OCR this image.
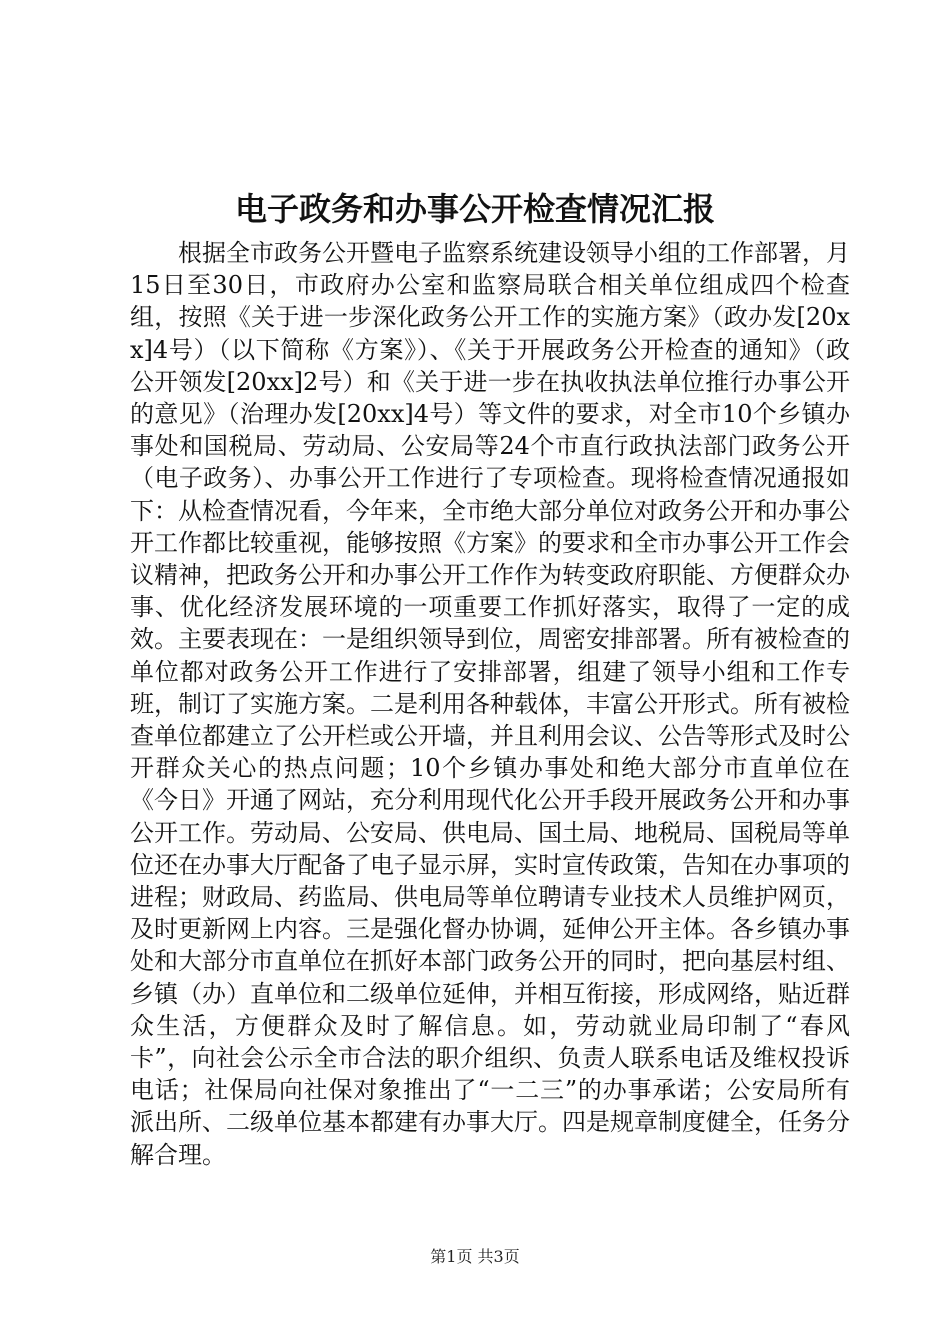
电子政务和办事公开检查情况汇报

根据全市政务公开暨电子监察系统建设领导小组的工作部署，月15日至30日，市政府办公室和监察局联合相关单位组成四个检查组，按照《关于进一步深化政务公开工作的实施方案》（政办发[20xx]4号）（以下简称《方案》）、《关于开展政务公开检查的通知》（政公开领发[20xx]2号）和《关于进一步在执收执法单位推行办事公开的意见》（治理办发[20xx]4号）等文件的要求，对全市10个乡镇办事处和国税局、劳动局、公安局等24个市直行政执法部门政务公开（电子政务）、办事公开工作进行了专项检查。现将检查情况通报如下：从检查情况看，今年来，全市绝大部分单位对政务公开和办事公开工作都比较重视，能够按照《方案》的要求和全市办事公开工作会议精神，把政务公开和办事公开工作作为转变政府职能、方便群众办事、优化经济发展环境的一项重要工作抓好落实，取得了一定的成效。主要表现在：一是组织领导到位，周密安排部署。所有被检查的单位都对政务公开工作进行了安排部署，组建了领导小组和工作专班，制订了实施方案。二是利用各种载体，丰富公开形式。所有被检查单位都建立了公开栏或公开墙，并且利用会议、公告等形式及时公开群众关心的热点问题；10个乡镇办事处和绝大部分市直单位在《今日》开通了网站，充分利用现代化公开手段开展政务公开和办事公开工作。劳动局、公安局、供电局、国土局、地税局、国税局等单位还在办事大厅配备了电子显示屏，实时宣传政策，告知在办事项的进程；财政局、药监局、供电局等单位聘请专业技术人员维护网页，及时更新网上内容。三是强化督办协调，延伸公开主体。各乡镇办事处和大部分市直单位在抓好本部门政务公开的同时，把向基层村组、乡镇（办）直单位和二级单位延伸，并相互衔接，形成网络，贴近群众生活，方便群众及时了解信息。如，劳动就业局印制了“春风卡”，向社会公示全市合法的职介组织、负责人联系电话及维权投诉电话；社保局向社保对象推出了“一二三”的办事承诺；公安局所有派出所、二级单位基本都建有办事大厅。四是规章制度健全，任务分解合理。

第1页 共3页
